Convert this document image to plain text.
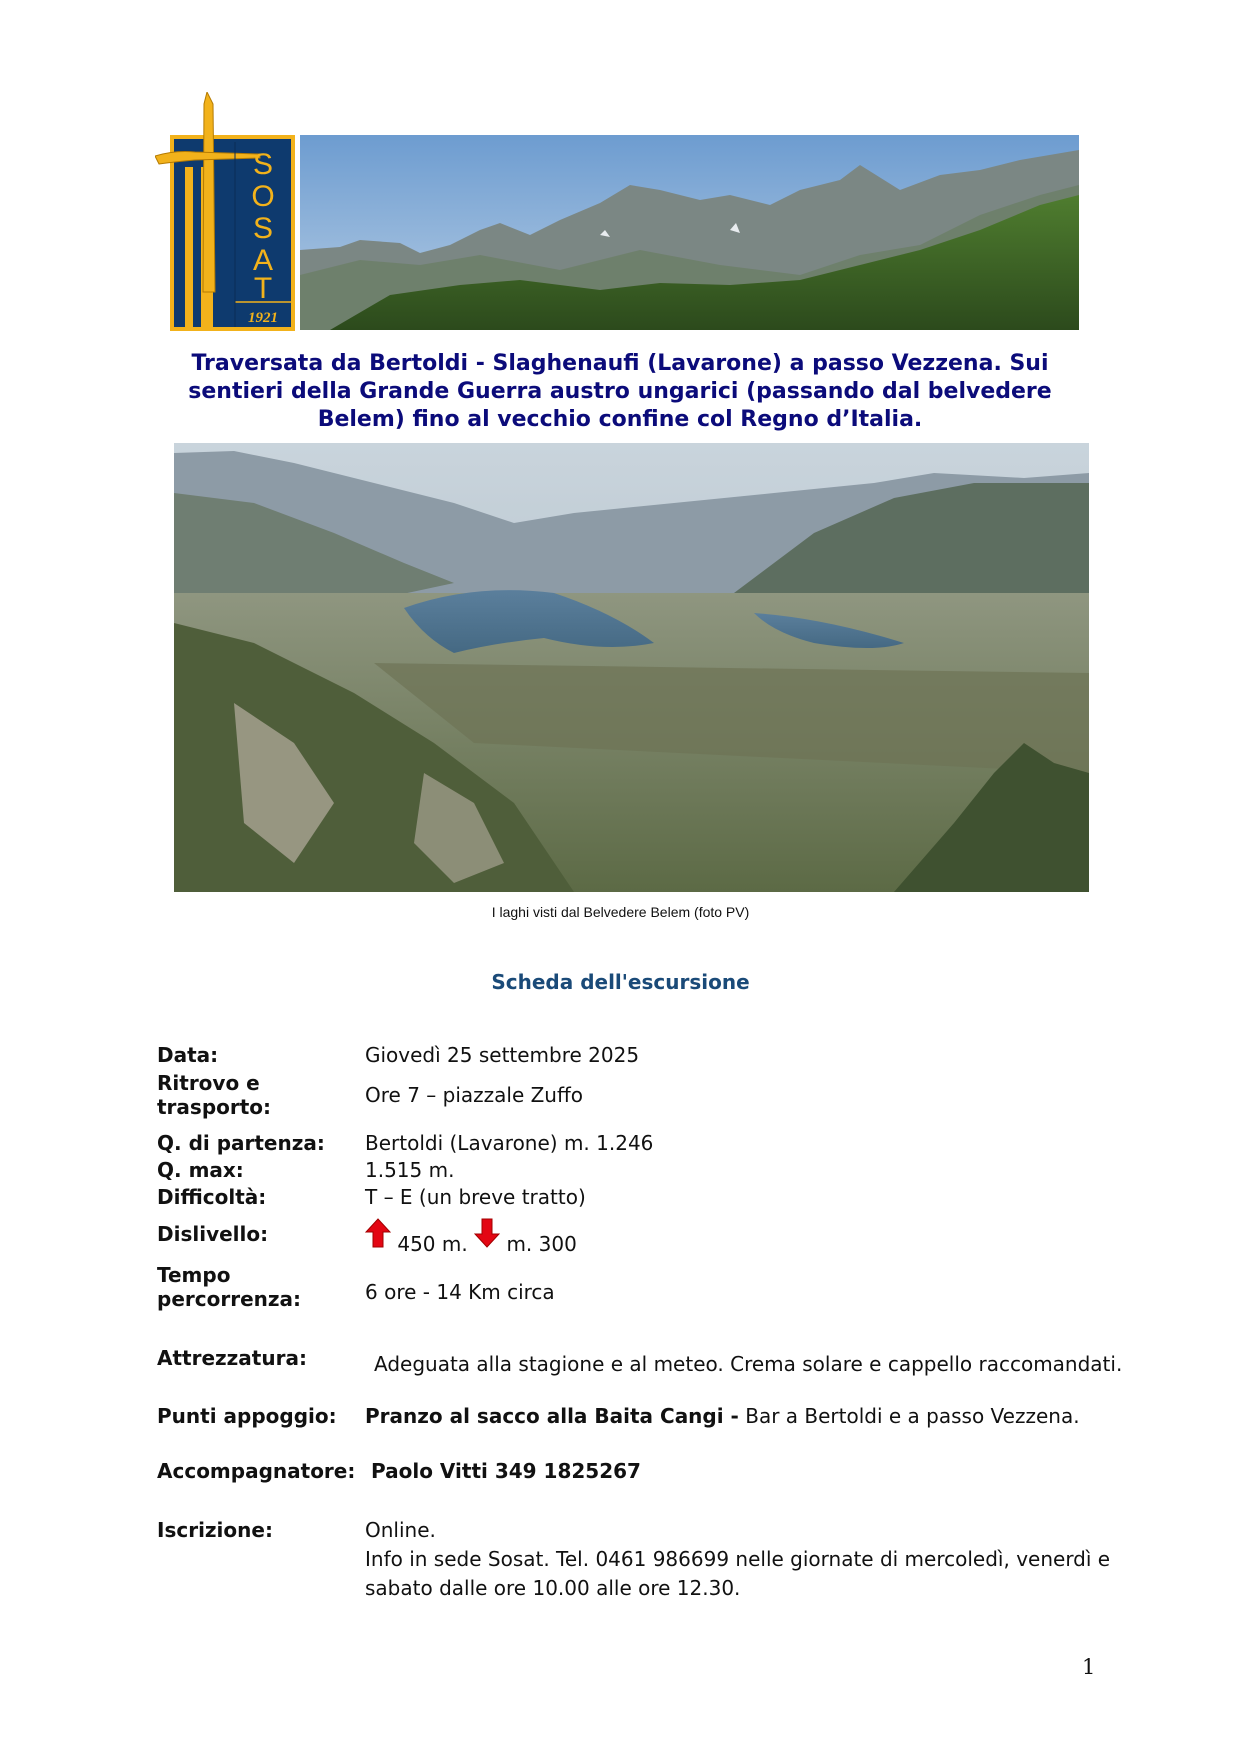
S
O
S
A
T
1921
Traversata da Bertoldi - Slaghenaufi (Lavarone) a passo Vezzena. Sui sentieri della Grande Guerra austro ungarici (passando dal belvedere Belem) fino al vecchio confine col Regno d’Italia.
I laghi visti dal Belvedere Belem (foto PV)
Scheda dell'escursione
Data:	Giovedì 25 settembre 2025
Ritrovo e trasporto:	Ore 7 – piazzale Zuffo
Q. di partenza:	Bertoldi (Lavarone) m. 1.246
Q. max:	1.515 m.
Difficoltà:	T – E (un breve tratto)
Dislivello:	450 m. m. 300
Tempo percorrenza:	6 ore - 14 Km circa
Attrezzatura:	Adeguata alla stagione e al meteo. Crema solare e cappello raccomandati.
Punti appoggio:	Pranzo al sacco alla Baita Cangi - Bar a Bertoldi e a passo Vezzena.
Accompagnatore: Paolo Vitti 349 1825267
Iscrizione:	Online.
Info in sede Sosat. Tel. 0461 986699 nelle giornate di mercoledì, venerdì e
sabato dalle ore 10.00 alle ore 12.30.
1
